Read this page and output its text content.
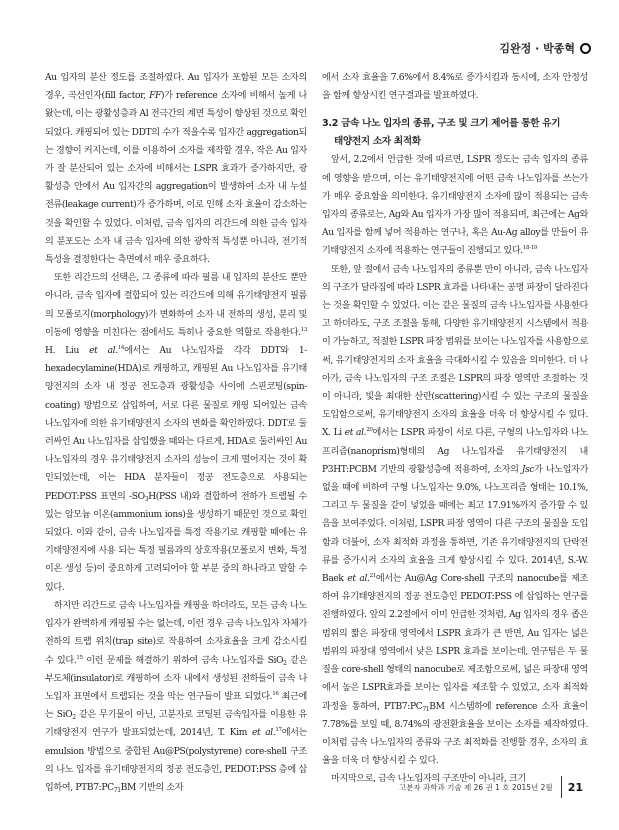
김완정 · 박종혁

Au 입자의 분산 정도를 조절하였다. Au 입자가 포함된 모든 소자의 경우, 곡선인자(fill factor, FF)가 reference 소자에 비해서 높게 나왔는데, 이는 광활성층과 Al 전극간의 계면 특성이 향상된 것으로 확인되었다. 캐핑되어 있는 DDT의 수가 적을수록 입자간 aggregation되는 경향이 커지는데, 이를 이용하여 소자를 제작할 경우, 작은 Au 입자가 잘 분산되어 있는 소자에 비해서는 LSPR 효과가 증가하지만, 광 활성층 안에서 Au 입자간의 aggregation이 발생하여 소자 내 누설 전류(leakage current)가 증가하며, 이로 인해 소자 효율이 감소하는 것을 확인할 수 있었다. 이처럼, 금속 입자의 리간드에 의한 금속 입자의 분포도는 소자 내 금속 입자에 의한 광학적 특성뿐 아니라, 전기적 특성을 결정한다는 측면에서 매우 중요하다.

또한 리간드의 선택은, 그 종류에 따라 필름 내 입자의 분산도 뿐만 아니라, 금속 입자에 결합되어 있는 리간드에 의해 유기태양전지 필름의 모폴로지(morphology)가 변화하여 소자 내 전하의 생성, 분리 및 이동에 영향을 미친다는 점에서도 특히나 중요한 역할로 작용한다.$^{13}$ H. Liu et al.$^{14}$에서는 Au 나노입자를 각각 DDT와 1-hexadecylamine(HDA)로 캐핑하고, 캐핑된 Au 나노입자를 유기태양전지의 소자 내 정공 전도층과 광활성층 사이에 스핀코팅(spin-coating) 방법으로 삽입하여, 서로 다른 물질로 캐핑 되어있는 금속 나노입자에 의한 유기태양전지 소자의 변화를 확인하였다. DDT로 둘러싸인 Au 나노입자를 삽입했을 때와는 다르게, HDA로 둘러싸인 Au 나노입자의 경우 유기태양전지 소자의 성능이 크게 떨어지는 것이 확인되었는데, 이는 HDA 분자들이 정공 전도층으로 사용되는 PEDOT:PSS 표면의 $-SO_3H(PSS$ 내)와 결합하여 전하가 트랩될 수 있는 암모늄 이온(ammonium ions)을 생성하기 때문인 것으로 확인되었다. 이와 같이, 금속 나노입자를 특정 작용기로 캐핑할 때에는 유기태양전지에 사용 되는 특정 필름과의 상호작용(모폴로지 변화, 특정 이온 생성 등)이 중요하게 고려되어야 할 부분 중의 하나라고 말할 수 있다.

하지만 리간드로 금속 나노입자를 캐핑을 하더라도, 모든 금속 나노입자가 완벽하게 캐핑될 수는 없는데, 이런 경우 금속 나노입자 자체가 전하의 트랩 위치(trap site)로 작용하여 소자효율을 크게 감소시킬 수 있다.$^{15}$ 이런 문제를 해결하기 위하여 금속 나노입자를 SiO$_2$ 같은 부도체(insulator)로 캐핑하여 소자 내에서 생성된 전하들이 금속 나노입자 표면에서 트랩되는 것을 막는 연구들이 발표 되었다.$^{16}$ 최근에는 SiO$_2$ 같은 무기물이 아닌, 고분자로 코팅된 금속입자를 이용한 유기태양전지 연구가 발표되었는데, 2014년, T. Kim et al.$^{17}$에서는 emulsion 방법으로 중합된 Au@PS(polystyrene) core-shell 구조의 나노 입자를 유기태양전지의 정공 전도층인, PEDOT:PSS 층에 삽입하여, $PTB7:PC_{71}BM$ 기반의 소자

에서 소자 효율을 7.6%에서 8.4%로 증가시킴과 동시에, 소자 안정성을 함께 향상시킨 연구결과를 발표하였다.

3.2 금속 나노 입자의 종류, 구조 및 크기 제어를 통한 유기
태양전지 소자 최적화

앞서, 2.2에서 언급한 것에 따르면, LSPR 정도는 금속 입자의 종류에 영향을 받으며, 이는 유기태양전지에 어떤 금속 나노입자를 쓰는가가 매우 중요함을 의미한다. 유기태양전지 소자에 많이 적용되는 금속입자의 종류로는, Ag와 Au 입자가 가장 많이 적용되며, 최근에는 Ag와 Au 입자를 함께 넣어 적용하는 연구나, 혹은 Au-Ag alloy를 만들어 유기태양전지 소자에 적용하는 연구들이 진행되고 있다.$^{18-19}$

또한, 앞 절에서 금속 나노입자의 종류뿐 만이 아니라, 금속 나노입자의 구조가 달라짐에 따라 LSPR 효과를 나타내는 공명 파장이 달라진다는 것을 확인할 수 있었다. 이는 같은 물질의 금속 나노입자를 사용한다고 하더라도, 구조 조절을 통해, 다양한 유기태양전지 시스템에서 적용이 가능하고, 적절한 LSPR 파장 범위를 보이는 나노입자를 사용함으로써, 유기태양전지의 소자 효율을 극대화시킬 수 있음을 의미한다. 더 나아가, 금속 나노입자의 구조 조절은 LSPR의 파장 영역만 조절하는 것이 아니라, 빛을 최대한 산란(scattering)시킬 수 있는 구조의 물질을 도입함으로써, 유기태양전지 소자의 효율을 더욱 더 향상시킬 수 있다. X. Li et al.$^{20}$에서는 LSPR 파장이 서로 다른, 구형의 나노입자와 나노프리즘(nanoprism)형태의 Ag 나노입자를 유기태양전지 내 P3HT:PCBM 기반의 광활성층에 적용하여, 소자의 Jsc가 나노입자가 없을 때에 비하여 구형 나노입자는 9.0%, 나노프리즘 형태는 10.1%, 그리고 두 물질을 같이 넣었을 때에는 최고 17.91%까지 증가할 수 있음을 보여주었다. 이처럼, LSPR 파장 영역이 다른 구조의 물질을 도입함과 더불어, 소자 최적화 과정을 통하면, 기존 유기태양전지의 단락전류를 증가시켜 소자의 효율을 크게 향상시킬 수 있다. 2014년, S.-W. Baek et al.$^{21}$에서는 Au@Ag Core-shell 구조의 nanocube를 제조하여 유기태양전지의 정공 전도층인 PEDOT:PSS 에 삽입하는 연구를 진행하였다. 앞의 2.2절에서 이미 언급한 것처럼, Ag 입자의 경우 좁은 범위의 짧은 파장대 영역에서 LSPR 효과가 큰 반면, Au 입자는 넓은 범위의 파장대 영역에서 낮은 LSPR 효과를 보이는데, 연구팀은 두 물질을 core-shell 형태의 nanocube로 제조함으로써, 넓은 파장대 영역에서 높은 LSPR효과를 보이는 입자를 제조할 수 있었고, 소자 최적화 과정을 통하여, $PTB7:PC_{71}BM$ 시스템하에 reference 소자 효율이 7.78%를 보일 때, 8.74%의 광전환효율을 보이는 소자를 제작하였다. 이처럼 금속 나노입자의 종류와 구조 최적화를 진행할 경우, 소자의 효율을 더욱 더 향상시킬 수 있다.

마지막으로, 금속 나노입자의 구조만이 아니라, 크기

고분자 과학과 기술 제 26 권 1 호 2015년 2월 21
